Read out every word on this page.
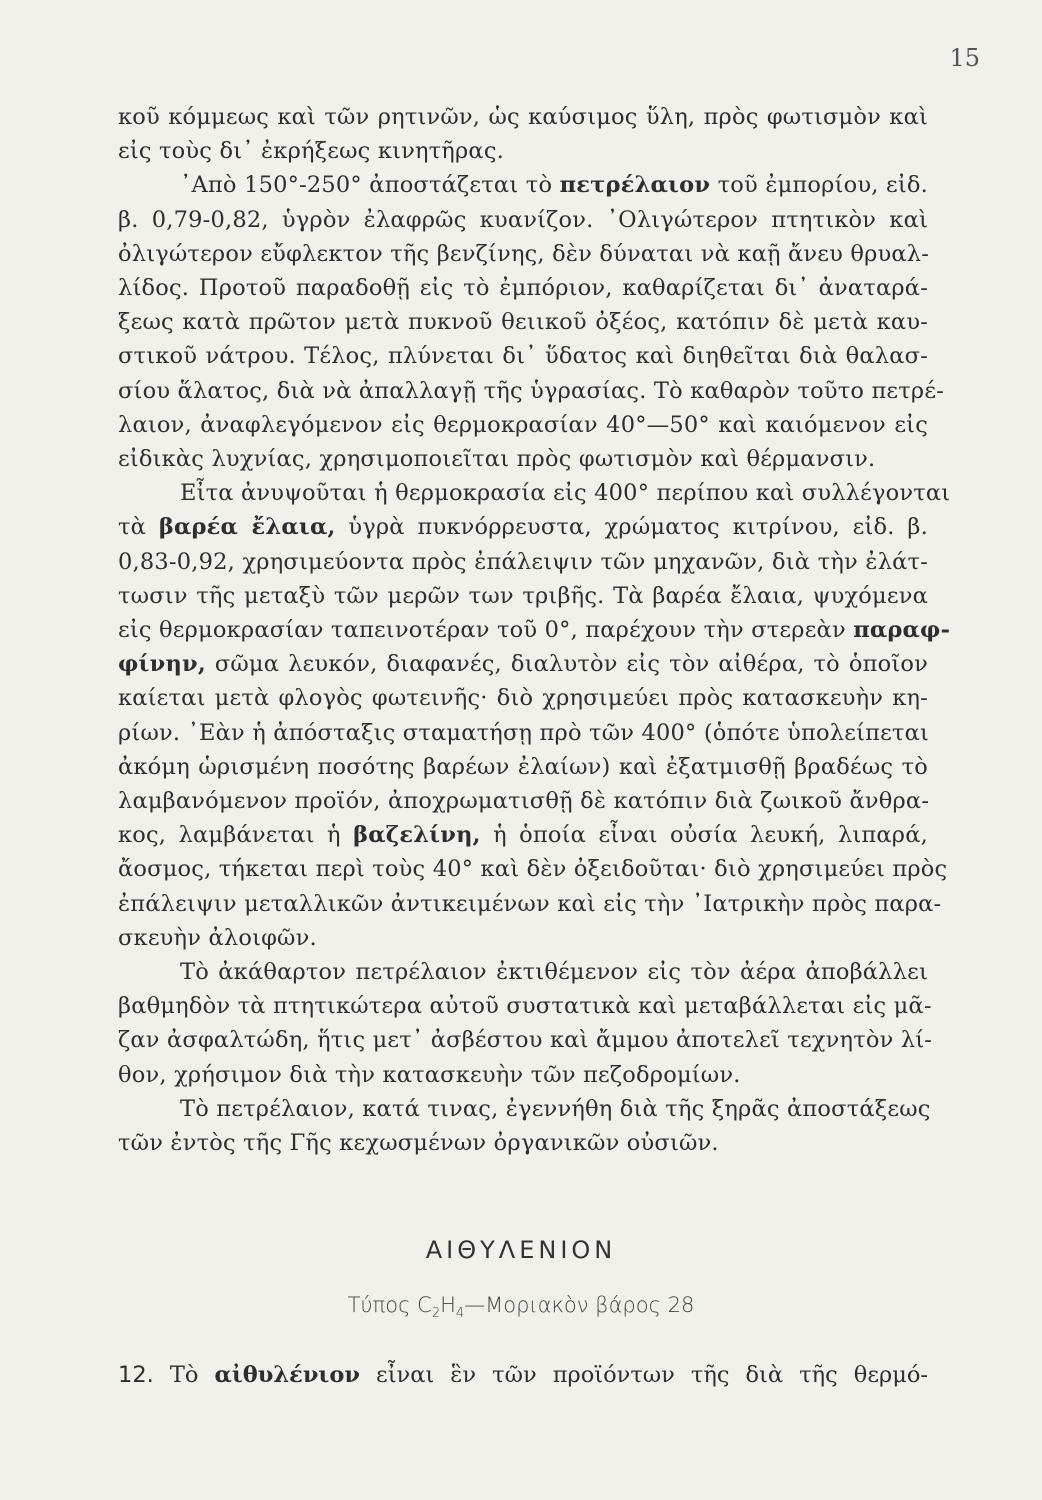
15
κοῦ κόμμεως καὶ τῶν ρητινῶν, ὡς καύσιμος ὕλη, πρὸς φωτισμὸν καὶ
εἰς τοὺς δι᾿ ἐκρήξεως κινητῆρας.
᾿Απὸ 150°-250° ἀποστάζεται τὸ πετρέλαιον τοῦ ἐμπορίου, εἰδ.
β. 0,79-0,82, ὑγρὸν ἐλαφρῶς κυανίζον. ᾿Ολιγώτερον πτητικὸν καὶ
ὀλιγώτερον εὔφλεκτον τῆς βενζίνης, δὲν δύναται νὰ καῇ ἄνευ θρυαλ-
λίδος. Προτοῦ παραδοθῇ εἰς τὸ ἐμπόριον, καθαρίζεται δι᾿ ἀναταρά-
ξεως κατὰ πρῶτον μετὰ πυκνοῦ θειικοῦ ὀξέος, κατόπιν δὲ μετὰ καυ-
στικοῦ νάτρου. Τέλος, πλύνεται δι᾿ ὕδατος καὶ διηθεῖται διὰ θαλασ-
σίου ἅλατος, διὰ νὰ ἀπαλλαγῇ τῆς ὑγρασίας. Τὸ καθαρὸν τοῦτο πετρέ-
λαιον, ἀναφλεγόμενον εἰς θερμοκρασίαν 40°—50° καὶ καιόμενον εἰς
εἰδικὰς λυχνίας, χρησιμοποιεῖται πρὸς φωτισμὸν καὶ θέρμανσιν.
Εἶτα ἀνυψοῦται ἡ θερμοκρασία εἰς 400° περίπου καὶ συλλέγονται
τὰ βαρέα ἔλαια, ὑγρὰ πυκνόρρευστα, χρώματος κιτρίνου, εἰδ. β.
0,83-0,92, χρησιμεύοντα πρὸς ἐπάλειψιν τῶν μηχανῶν, διὰ τὴν ἐλάτ-
τωσιν τῆς μεταξὺ τῶν μερῶν των τριβῆς. Τὰ βαρέα ἔλαια, ψυχόμενα
εἰς θερμοκρασίαν ταπεινοτέραν τοῦ 0°, παρέχουν τὴν στερεὰν παραφ-
φίνην, σῶμα λευκόν, διαφανές, διαλυτὸν εἰς τὸν αἰθέρα, τὸ ὁποῖον
καίεται μετὰ φλογὸς φωτεινῆς· διὸ χρησιμεύει πρὸς κατασκευὴν κη-
ρίων. ᾿Εὰν ἡ ἀπόσταξις σταματήσῃ πρὸ τῶν 400° (ὁπότε ὑπολείπεται
ἀκόμη ὡρισμένη ποσότης βαρέων ἐλαίων) καὶ ἐξατμισθῇ βραδέως τὸ
λαμβανόμενον προϊόν, ἀποχρωματισθῇ δὲ κατόπιν διὰ ζωικοῦ ἄνθρα-
κος, λαμβάνεται ἡ βαζελίνη, ἡ ὁποία εἶναι οὐσία λευκή, λιπαρά,
ἄοσμος, τήκεται περὶ τοὺς 40° καὶ δὲν ὀξειδοῦται· διὸ χρησιμεύει πρὸς
ἐπάλειψιν μεταλλικῶν ἀντικειμένων καὶ εἰς τὴν ᾿Ιατρικὴν πρὸς παρα-
σκευὴν ἀλοιφῶν.
Τὸ ἀκάθαρτον πετρέλαιον ἐκτιθέμενον εἰς τὸν ἀέρα ἀποβάλλει
βαθμηδὸν τὰ πτητικώτερα αὐτοῦ συστατικὰ καὶ μεταβάλλεται εἰς μᾶ-
ζαν ἀσφαλτώδη, ἥτις μετ᾿ ἀσβέστου καὶ ἄμμου ἀποτελεῖ τεχνητὸν λί-
θον, χρήσιμον διὰ τὴν κατασκευὴν τῶν πεζοδρομίων.
Τὸ πετρέλαιον, κατά τινας, ἐγεννήθη διὰ τῆς ξηρᾶς ἀποστάξεως
τῶν ἐντὸς τῆς Γῆς κεχωσμένων ὀργανικῶν οὐσιῶν.
ΑΙΘΥΛΕΝΙΟΝ
Τύπος $C_2H_4—Mo\rho\iota\alpha\kappa ὸ\nu$ βάρος 28
12. Τὸ αἰθυλένιον εἶναι ἓν τῶν προϊόντων τῆς διὰ τῆς θερμό-
